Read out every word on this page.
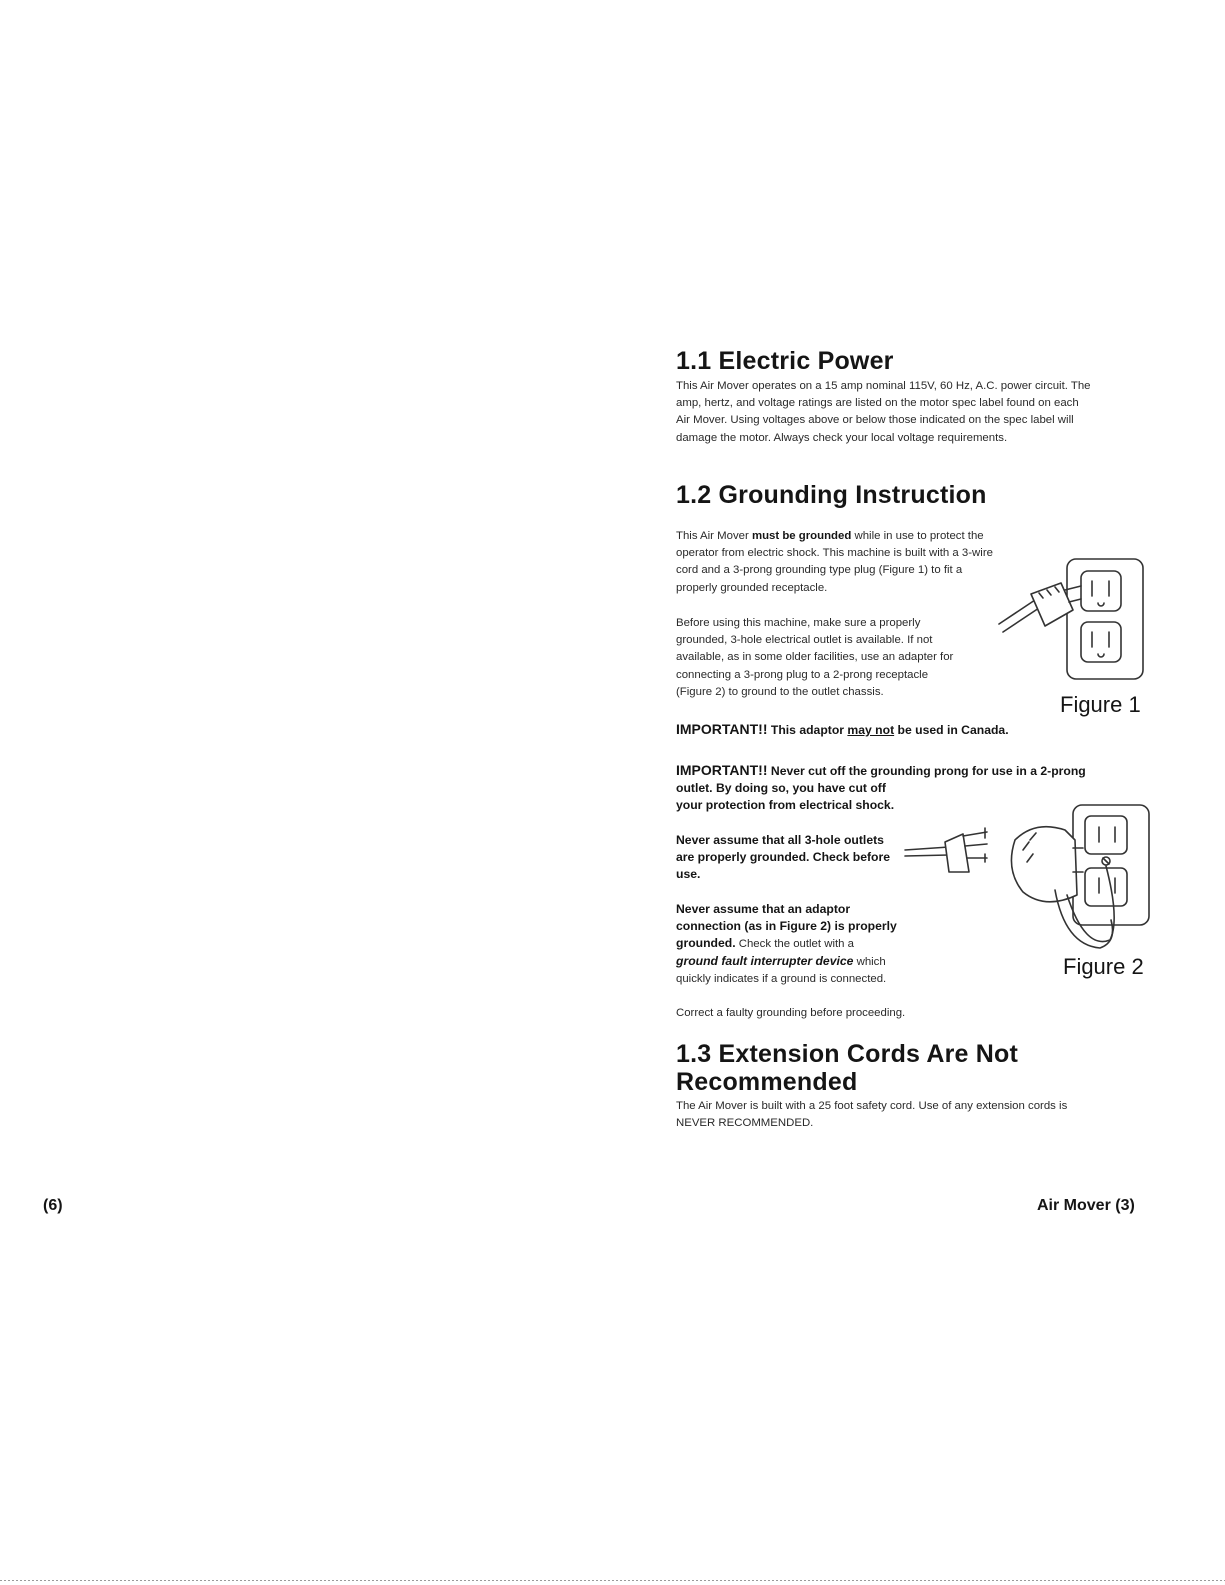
1.1 Electric Power

This Air Mover operates on a 15 amp nominal 115V, 60 Hz, A.C. power circuit. The

amp, hertz, and voltage ratings are listed on the motor spec label found on each

Air Mover. Using voltages above or below those indicated on the spec label will

damage the motor. Always check your local voltage requirements.

1.2 Grounding Instruction

This Air Mover must be grounded while in use to protect the

operator from electric shock. This machine is built with a 3-wire

cord and a 3-prong grounding type plug (Figure 1) to fit a

properly grounded receptacle.

Before using this machine, make sure a properly

grounded, 3-hole electrical outlet is available. If not

available, as in some older facilities, use an adapter for

connecting a 3-prong plug to a 2-prong receptacle

(Figure 2) to ground to the outlet chassis.

Figure 1

IMPORTANT!! This adaptor may not be used in Canada.

IMPORTANT!! Never cut off the grounding prong for use in a 2-prong

outlet. By doing so, you have cut off

your protection from electrical shock.

Never assume that all 3-hole outlets

are properly grounded. Check before

use.

Never assume that an adaptor

connection (as in Figure 2) is properly

grounded. Check the outlet with a

ground fault interrupter device which

quickly indicates if a ground is connected.	Figure 2

Correct a faulty grounding before proceeding.

1.3 Extension Cords Are Not
Recommended

The Air Mover is built with a 25 foot safety cord. Use of any extension cords is

NEVER RECOMMENDED.

(6)	Air Mover (3)
